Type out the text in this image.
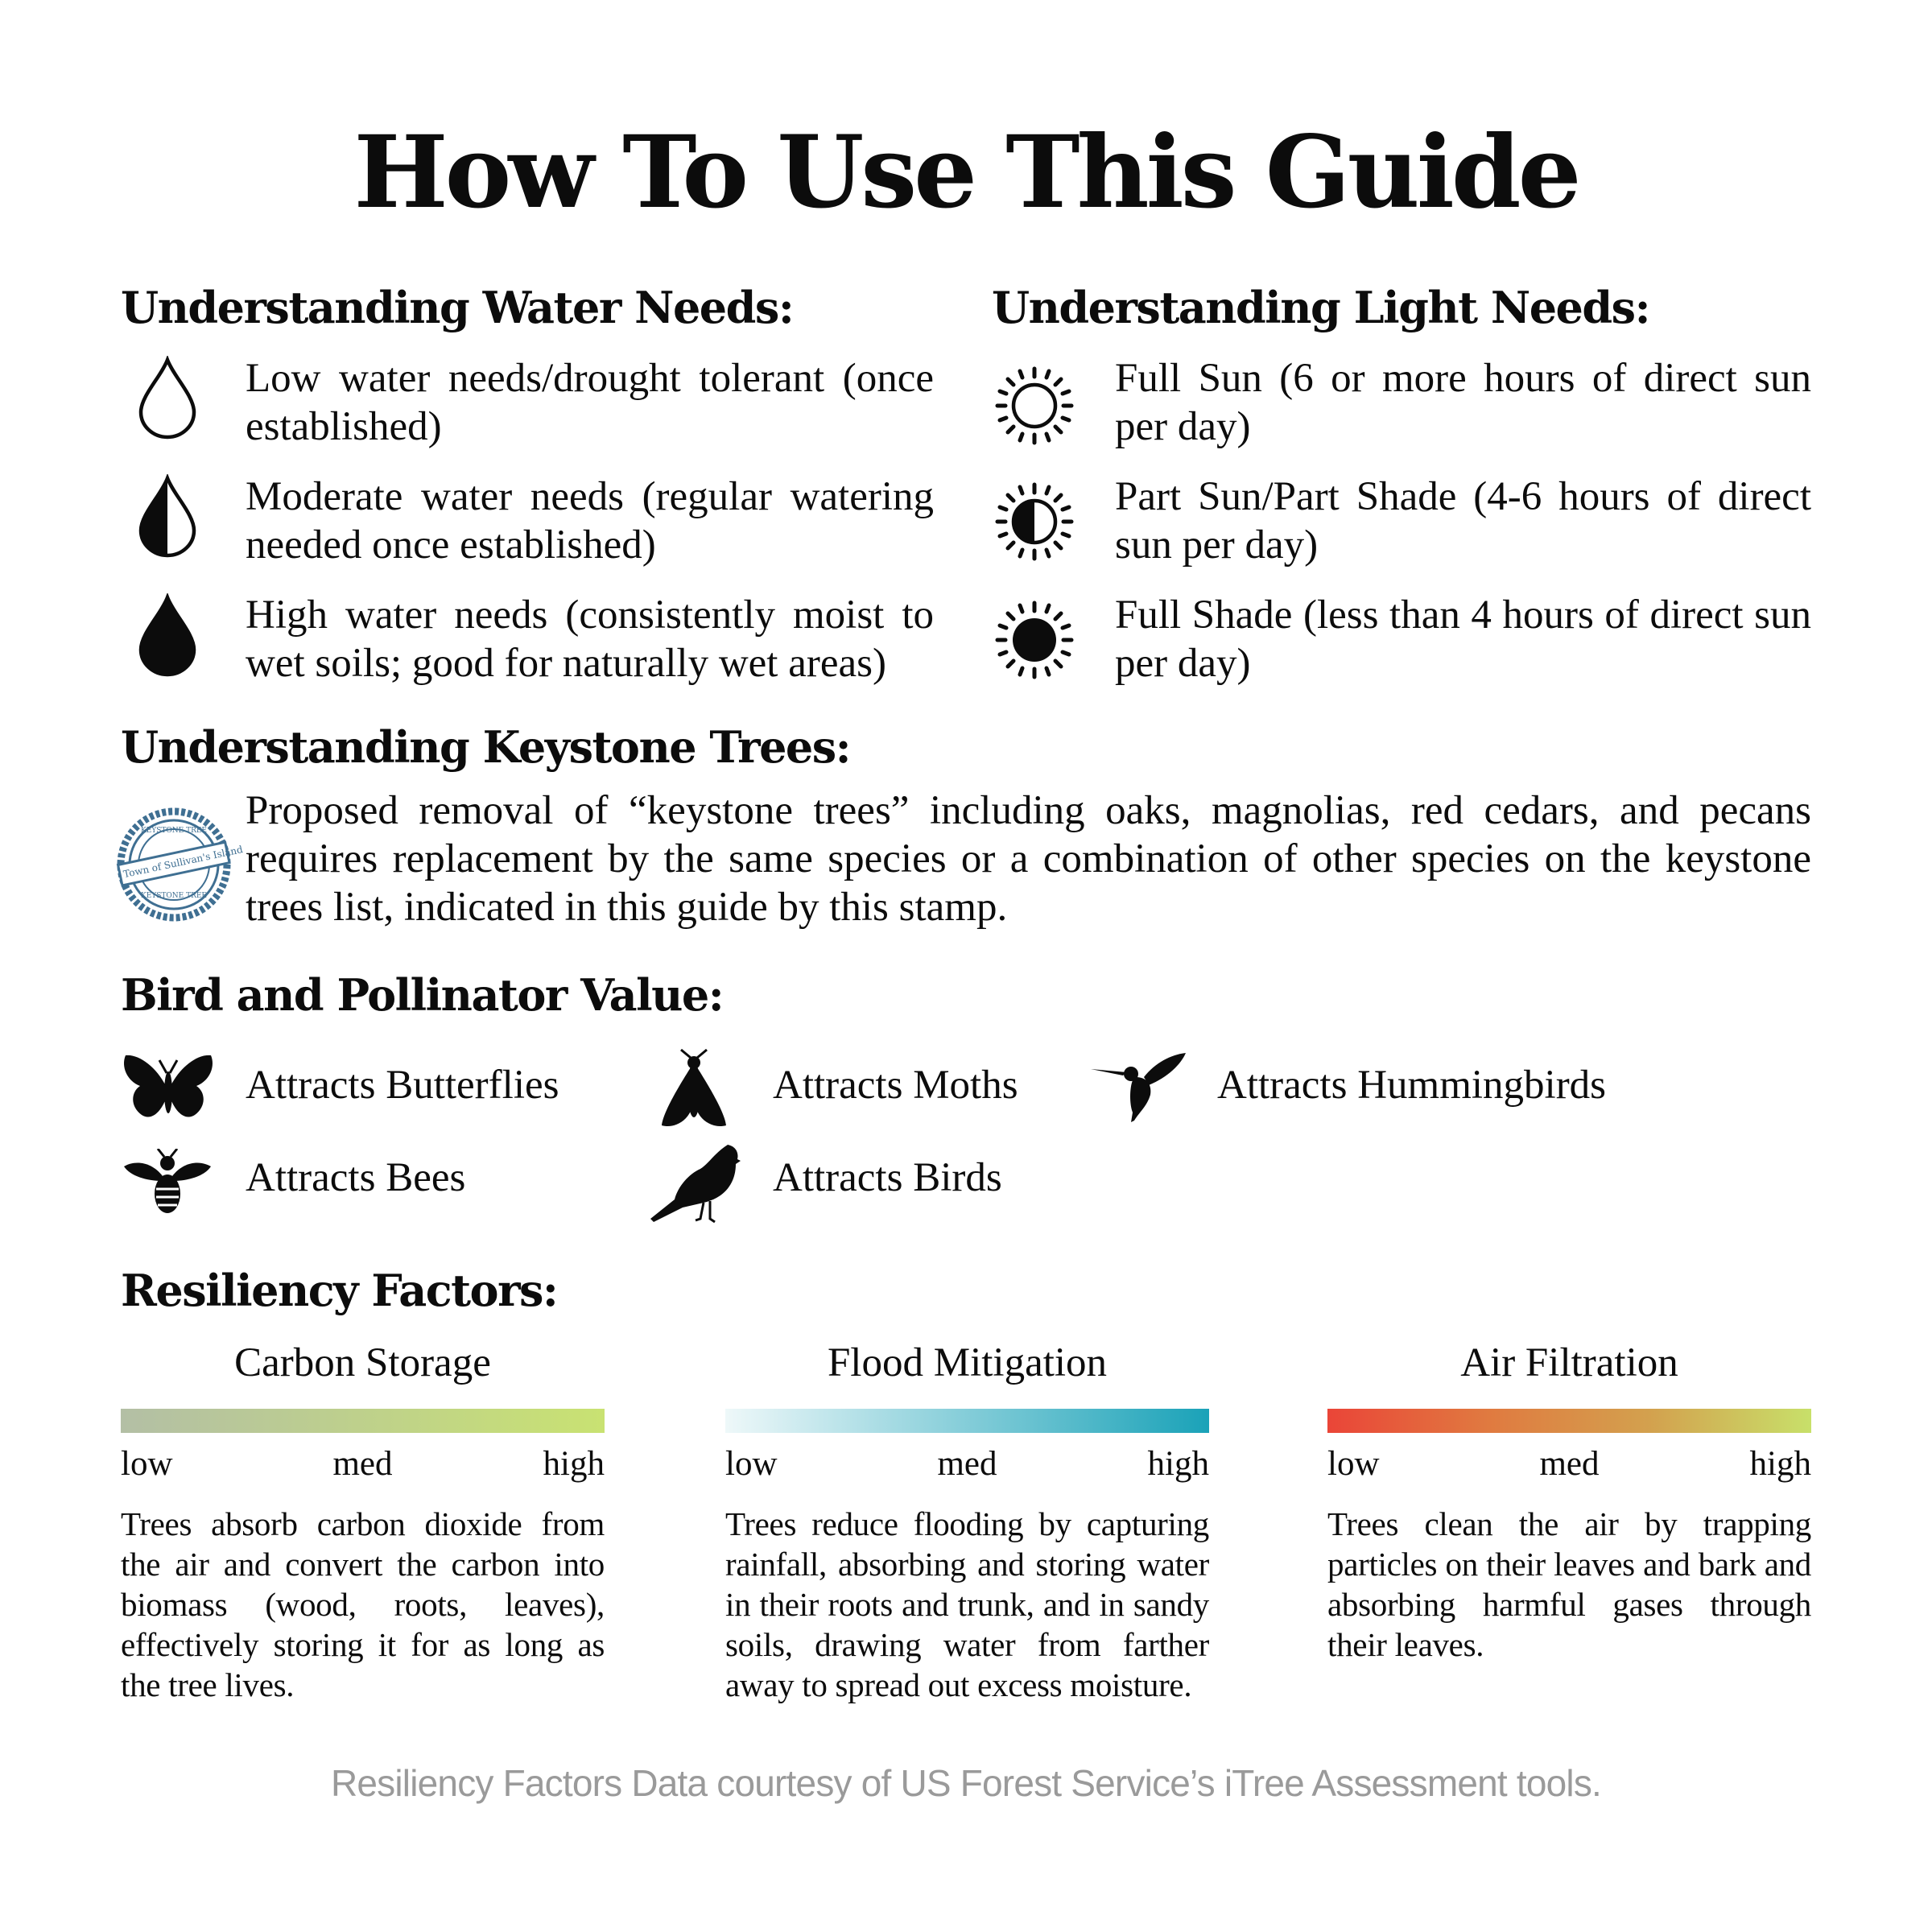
How To Use This Guide
Understanding Water Needs:
Low water needs/drought tolerant (once established)
Moderate water needs (regular watering needed once established)
High water needs (consistently moist to wet soils; good for naturally wet areas)
Understanding Light Needs:
Full Sun (6 or more hours of direct sun per day)
Part Sun/Part Shade (4-6 hours of direct sun per day)
Full Shade (less than 4 hours of direct sun per day)
Understanding Keystone Trees:
KEYSTONE TREE
Town of Sullivan's Island
KEYSTONE TREE
Proposed removal of “keystone trees” including oaks, magnolias, red cedars, and pecans requires replacement by the same species or a combination of other species on the keystone trees list, indicated in this guide by this stamp.
Bird and Pollinator Value:
Attracts Butterflies	Attracts Moths	Attracts Hummingbirds
Attracts Bees	Attracts Birds
Resiliency Factors:
Carbon Storage
low	med	high
Trees absorb carbon dioxide from the air and convert the carbon into biomass (wood, roots, leaves), effectively storing it for as long as the tree lives.
Flood Mitigation
low	med	high
Trees reduce flooding by capturing rainfall, absorbing and storing water in their roots and trunk, and in sandy soils, drawing water from farther away to spread out excess moisture.
Air Filtration
low	med	high
Trees clean the air by trapping particles on their leaves and bark and absorbing harmful gases through their leaves.
Resiliency Factors Data courtesy of US Forest Service’s iTree Assessment tools.
